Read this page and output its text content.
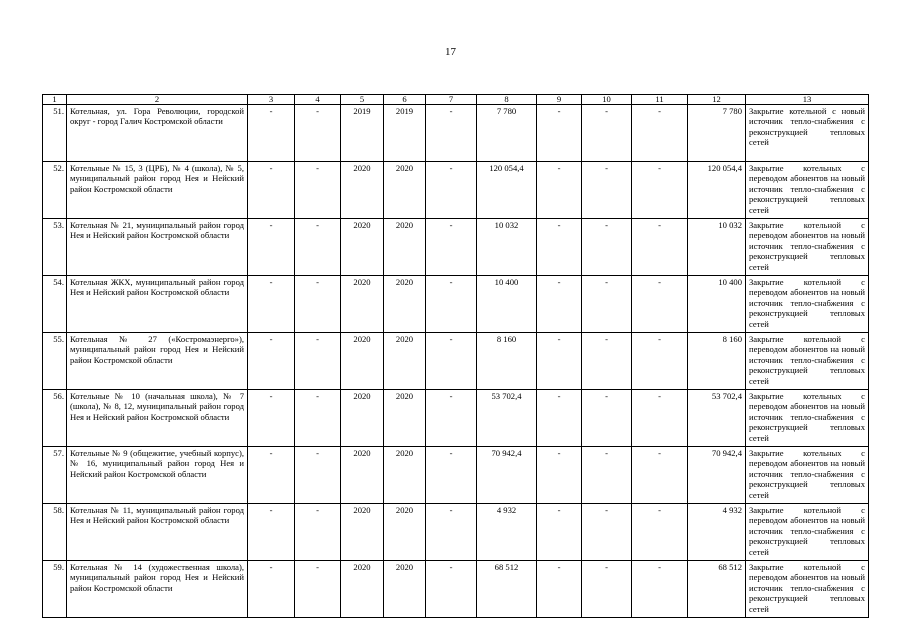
17
1	2	3	4	5	6	7	8	9	10	11	12	13
51.	Котельная, ул. Гора Революции, городской округ - город Галич Костромской области	-	-	2019	2019	-	7 780	-	-	-	7 780	Закрытие котельной с новый источник тепло-снабжения с реконструкцией тепловых сетей
52.	Котельные № 15, 3 (ЦРБ), № 4 (школа), № 5, муниципальный район город Нея и Нейский район Костромской области	-	-	2020	2020	-	120 054,4	-	-	-	120 054,4	Закрытие котельных с переводом абонентов на новый источник тепло-снабжения с реконструкцией тепловых сетей
53.	Котельная № 21, муниципальный район город Нея и Нейский район Костромской области	-	-	2020	2020	-	10 032	-	-	-	10 032	Закрытие котельной с переводом абонентов на новый источник тепло-снабжения с реконструкцией тепловых сетей
54.	Котельная ЖКХ, муниципальный район город Нея и Нейский район Костромской области	-	-	2020	2020	-	10 400	-	-	-	10 400	Закрытие котельной с переводом абонентов на новый источник тепло-снабжения с реконструкцией тепловых сетей
55.	Котельная № 27 («Костромаэнерго»), муниципальный район город Нея и Нейский район Костромской области	-	-	2020	2020	-	8 160	-	-	-	8 160	Закрытие котельной с переводом абонентов на новый источник тепло-снабжения с реконструкцией тепловых сетей
56.	Котельные № 10 (начальная школа), № 7 (школа), № 8, 12, муниципальный район город Нея и Нейский район Костромской области	-	-	2020	2020	-	53 702,4	-	-	-	53 702,4	Закрытие котельных с переводом абонентов на новый источник тепло-снабжения с реконструкцией тепловых сетей
57.	Котельные № 9 (общежитие, учебный корпус), № 16, муниципальный район город Нея и Нейский район Костромской области	-	-	2020	2020	-	70 942,4	-	-	-	70 942,4	Закрытие котельных с переводом абонентов на новый источник тепло-снабжения с реконструкцией тепловых сетей
58.	Котельная № 11, муниципальный район город Нея и Нейский район Костромской области	-	-	2020	2020	-	4 932	-	-	-	4 932	Закрытие котельной с переводом абонентов на новый источник тепло-снабжения с реконструкцией тепловых сетей
59.	Котельная № 14 (художественная школа), муниципальный район город Нея и Нейский район Костромской области	-	-	2020	2020	-	68 512	-	-	-	68 512	Закрытие котельной с переводом абонентов на новый источник тепло-снабжения с реконструкцией тепловых сетей
